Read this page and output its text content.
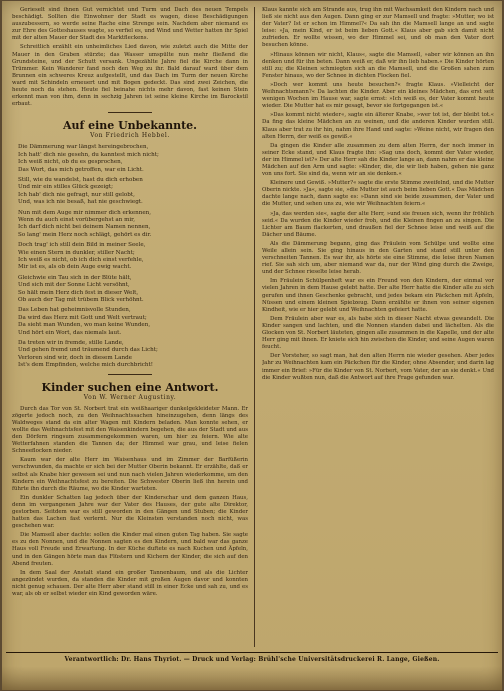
Gerieselt sind ihnen Gut vernichtet und Turm und Dach des neuen Tempels beschädigt. Sollten die Einwohner der Stadt es wagen, diese Beschädigungen auszubessern, so werde seine Rache eine Strenge sein. Nachdem aber niemand es zur Ehre des Gotteshauses wagte, so verfiel es, und Wind und Wetter hatten ihr Spiel mit der alten Mauer der Stadt des Marktfleckens.

Schreitlich erzählt ein unheimliches Lied davon, wie zuletzt auch die Mitte der Mauer in den Graben stürzte; das Wasser umspülte nun mehr fließend die Grundsteine, und der Schutt versank. Ungezählte Jahre fiel die Kirche dann in Trümmer. Kein Wanderer fand noch den Weg zu ihr. Bald darauf ward über dem Brunnen ein schweres Kreuz aufgestellt, und das Dach im Turm der neuen Kirche ward mit Schindeln erneuert und mit Bogen gedeckt. Das sind zwei Zeichen, die heute noch da stehen. Heute fiel beinahe nichts mehr davon, fast keinen Stein erkennt man von ihm, denn in sechzig Jahren ist seine kleine Kirche im Barockstil erbaut.

Auf eine Unbekannte.
Von Friedrich Hebbel.
Die Dämmerung war längst hereingebrochen,
Ich hatt' dich nie gesehn, du kanntest mich nicht;
Ich weiß nicht, ob du es gesprochen,
Das Wort, das mich getroffen, war ein Licht.
Still, wie du wandelst, hast du dich erhoben
Und mir ein stilles Glück gezeigt;
Ich hab' dich nie gefragt, nur still gelobt,
Und, was ich nie besaß, hat nie geschwiegt.
Nun mit dem Auge mir nimmer dich erkennen,
Wenn du auch einst vorübergehst an mir,
Ich darf dich nicht bei deinem Namen nennen,
So lang' mein Herz noch schlägt, gehört es dir.
Doch trag' ich still dein Bild in meiner Seele,
Wie einen Stern in dunkler, stiller Nacht;
Ich weiß es nicht, ob ich dich einst verfehle,
Mir ist es, als ob dein Auge ewig wacht.
Gleichwie ein Tau sich in der Blüte hält,
Und sich mit der Sonne Licht versöhnt,
So hält mein Herz dich fest in dieser Welt,
Ob auch der Tag mit trübem Blick verhöhnt.
Das Leben hat geheimnisvolle Stunden,
Da wird das Herz mit Gott und Welt vertraut;
Da sieht man Wunden, wo man keine Wunden,
Und hört ein Wort, das niemals laut.
Da treten wir in fremde, stille Lande,
Und gehen fremd und träumend durch das Licht;
Verloren sind wir, doch in diesem Lande
Ist's dem Empfinden, welche mich durchbricht!
Kinder suchen eine Antwort.
Von W. Werner Augustiny.

Durch das Tor von St. Norbert trat ein weißhaariger dunkelgekleideter Mann. Er zögerte jedoch noch, zu den Weihnachtssachen hineinzugehen, denn längs des Waldweges stand da ein alter Wagen mit Kindern beladen. Man konnte sehen, er wollte das Weihnachtsfest mit den Waisenkindern begehen, die aus der Stadt und aus den Dörfern ringsum zusammengekommen waren, um hier zu feiern. Wie alte Wetterfahnen standen die Tannen da; der Himmel war grau, und leise fielen Schneeflocken nieder.

Kaum war der alte Herr im Waisenhaus und im Zimmer der Barfüßerin verschwunden, da machte er sich bei der Mutter Oberin bekannt. Er erzählte, daß er selbst als Knabe hier gewesen sei und nun nach vielen Jahren wiederkomme, um den Kindern ein Weihnachtsfest zu bereiten. Die Schwester Oberin ließ ihn herein und führte ihn durch die Räume, wo die Kinder warteten.

Ein dunkler Schatten lag jedoch über der Kinderschar und dem ganzen Haus, denn im vergangenen Jahre war der Vater des Hauses, der gute alte Direktor, gestorben. Seitdem war es still geworden in den Gängen und Stuben; die Kinder hatten das Lachen fast verlernt. Nur die Kleinsten verstanden noch nicht, was geschehen war.

Die Mamsell aber dachte: sollen die Kinder mal einen guten Tag haben. Sie sagte es zu den Nonnen, und die Nonnen sagten es den Kindern, und bald war das ganze Haus voll Freude und Erwartung. In der Küche duftete es nach Kuchen und Äpfeln, und in den Gängen hörte man das Flüstern und Kichern der Kinder, die sich auf den Abend freuten.

In dem Saal der Anstalt stand ein großer Tannenbaum, und als die Lichter angezündet wurden, da standen die Kinder mit großen Augen davor und konnten nicht genug schauen. Der alte Herr aber stand still in einer Ecke und sah zu, und es war, als ob er selbst wieder ein Kind geworden wäre.

Klaus kannte sich am Strande aus, trug ihn mit Wachsamkeit den Kindern nach und ließ sie nicht aus den Augen. Dann ging er zur Mamsell und fragte: »Mutter, wo ist der Vater? Ist er schon im Himmel?« Da sah ihn die Mamsell lange an und sagte leise: »Ja, mein Kind, er ist beim lieben Gott.« Klaus aber gab sich damit nicht zufrieden. Er wollte wissen, wo der Himmel sei, und ob man den Vater dort besuchen könne.

»Hinaus können wir nicht, Klaus«, sagte die Mamsell, »aber wir können an ihn denken und für ihn beten. Dann weiß er, daß wir ihn lieb haben.« Die Kinder hörten still zu; die Kleinen schmiegten sich an die Mamsell, und die Großen sahen zum Fenster hinaus, wo der Schnee in dichten Flocken fiel.

»Doch wer kommt uns heute besuchen?« fragte Klaus. »Vielleicht der Weihnachtsmann?« Da lachten die Kinder. Aber ein kleines Mädchen, das erst seit wenigen Wochen im Hause war, sagte ernst: »Ich weiß es, der Vater kommt heute wieder. Die Mutter hat es mir gesagt, bevor sie fortgegangen ist.«

»Das kommt nicht wieder«, sagte ein älterer Knabe, »wer tot ist, der bleibt tot.« Da fing das kleine Mädchen an zu weinen, und die anderen Kinder wurden still. Klaus aber trat zu ihr hin, nahm ihre Hand und sagte: »Weine nicht, wir fragen den alten Herrn, der weiß es gewiß.«

Da gingen die Kinder alle zusammen zu dem alten Herrn, der noch immer in seiner Ecke stand, und Klaus fragte ihn: »Sag uns doch, kommt der Vater wieder, der im Himmel ist?« Der alte Herr sah die Kinder lange an, dann nahm er das kleine Mädchen auf den Arm und sagte: »Kinder, die, die wir lieb haben, gehen nie ganz von uns fort. Sie sind da, wenn wir an sie denken.«

Kleinere und Gewiß. »Mutter?« sagte die erste Stimme zweifelnd, und die Mutter Oberin nickte. »Ja«, sagte sie, »die Mutter ist auch beim lieben Gott.« Das Mädchen dachte lange nach, dann sagte es: »Dann sind sie beide zusammen, der Vater und die Mutter, und sehen uns zu, wie wir Weihnachten feiern.«

»Ja, das werden sie«, sagte der alte Herr, »und sie freuen sich, wenn ihr fröhlich seid.« Da wurden die Kinder wieder froh, und die Kleinen fingen an zu singen. Die Lichter am Baum flackerten, und draußen fiel der Schnee leise und weiß auf die Dächer und Bäume.

Als die Dämmerung begann, ging das Fräulein vom Schülpe und wollte eine Weile allein sein. Sie ging hinaus in den Garten und stand still unter den verschneiten Tannen. Es war ihr, als hörte sie eine Stimme, die leise ihren Namen rief. Sie sah sich um, aber niemand war da, nur der Wind ging durch die Zweige, und der Schnee rieselte leise herab.

Im Fräulein Schülpenheft war es ein Freund von den Kindern, der einmal vor vielen Jahren in dem Hause gelebt hatte. Der alte Herr hatte die Kinder alle zu sich gerufen und ihnen Geschenke gebracht, und jedes bekam ein Päckchen mit Äpfeln, Nüssen und einem kleinen Spielzeug. Dann erzählte er ihnen von seiner eigenen Kindheit, wie er hier gelebt und Weihnachten gefeiert hatte.

Dem Fräulein aber war es, als habe sich in dieser Nacht etwas gewandelt. Die Kinder sangen und lachten, und die Nonnen standen dabei und lächelten. Als die Glocken von St. Norbert läuteten, gingen alle zusammen in die Kapelle, und der alte Herr ging mit ihnen. Er kniete sich hin zwischen die Kinder, und seine Augen waren feucht.

Der Vorsteher, so sagt man, hat den alten Herrn nie wieder gesehen. Aber jedes Jahr zu Weihnachten kam ein Päckchen für die Kinder, ohne Absender, und darin lag immer ein Brief: »Für die Kinder von St. Norbert, vom Vater, der an sie denkt.« Und die Kinder wußten nun, daß die Antwort auf ihre Frage gefunden war.

Verantwortlich: Dr. Hans Thyriot. — Druck und Verlag: Brühl'sche Universitätsdruckerei R. Lange, Gießen.
